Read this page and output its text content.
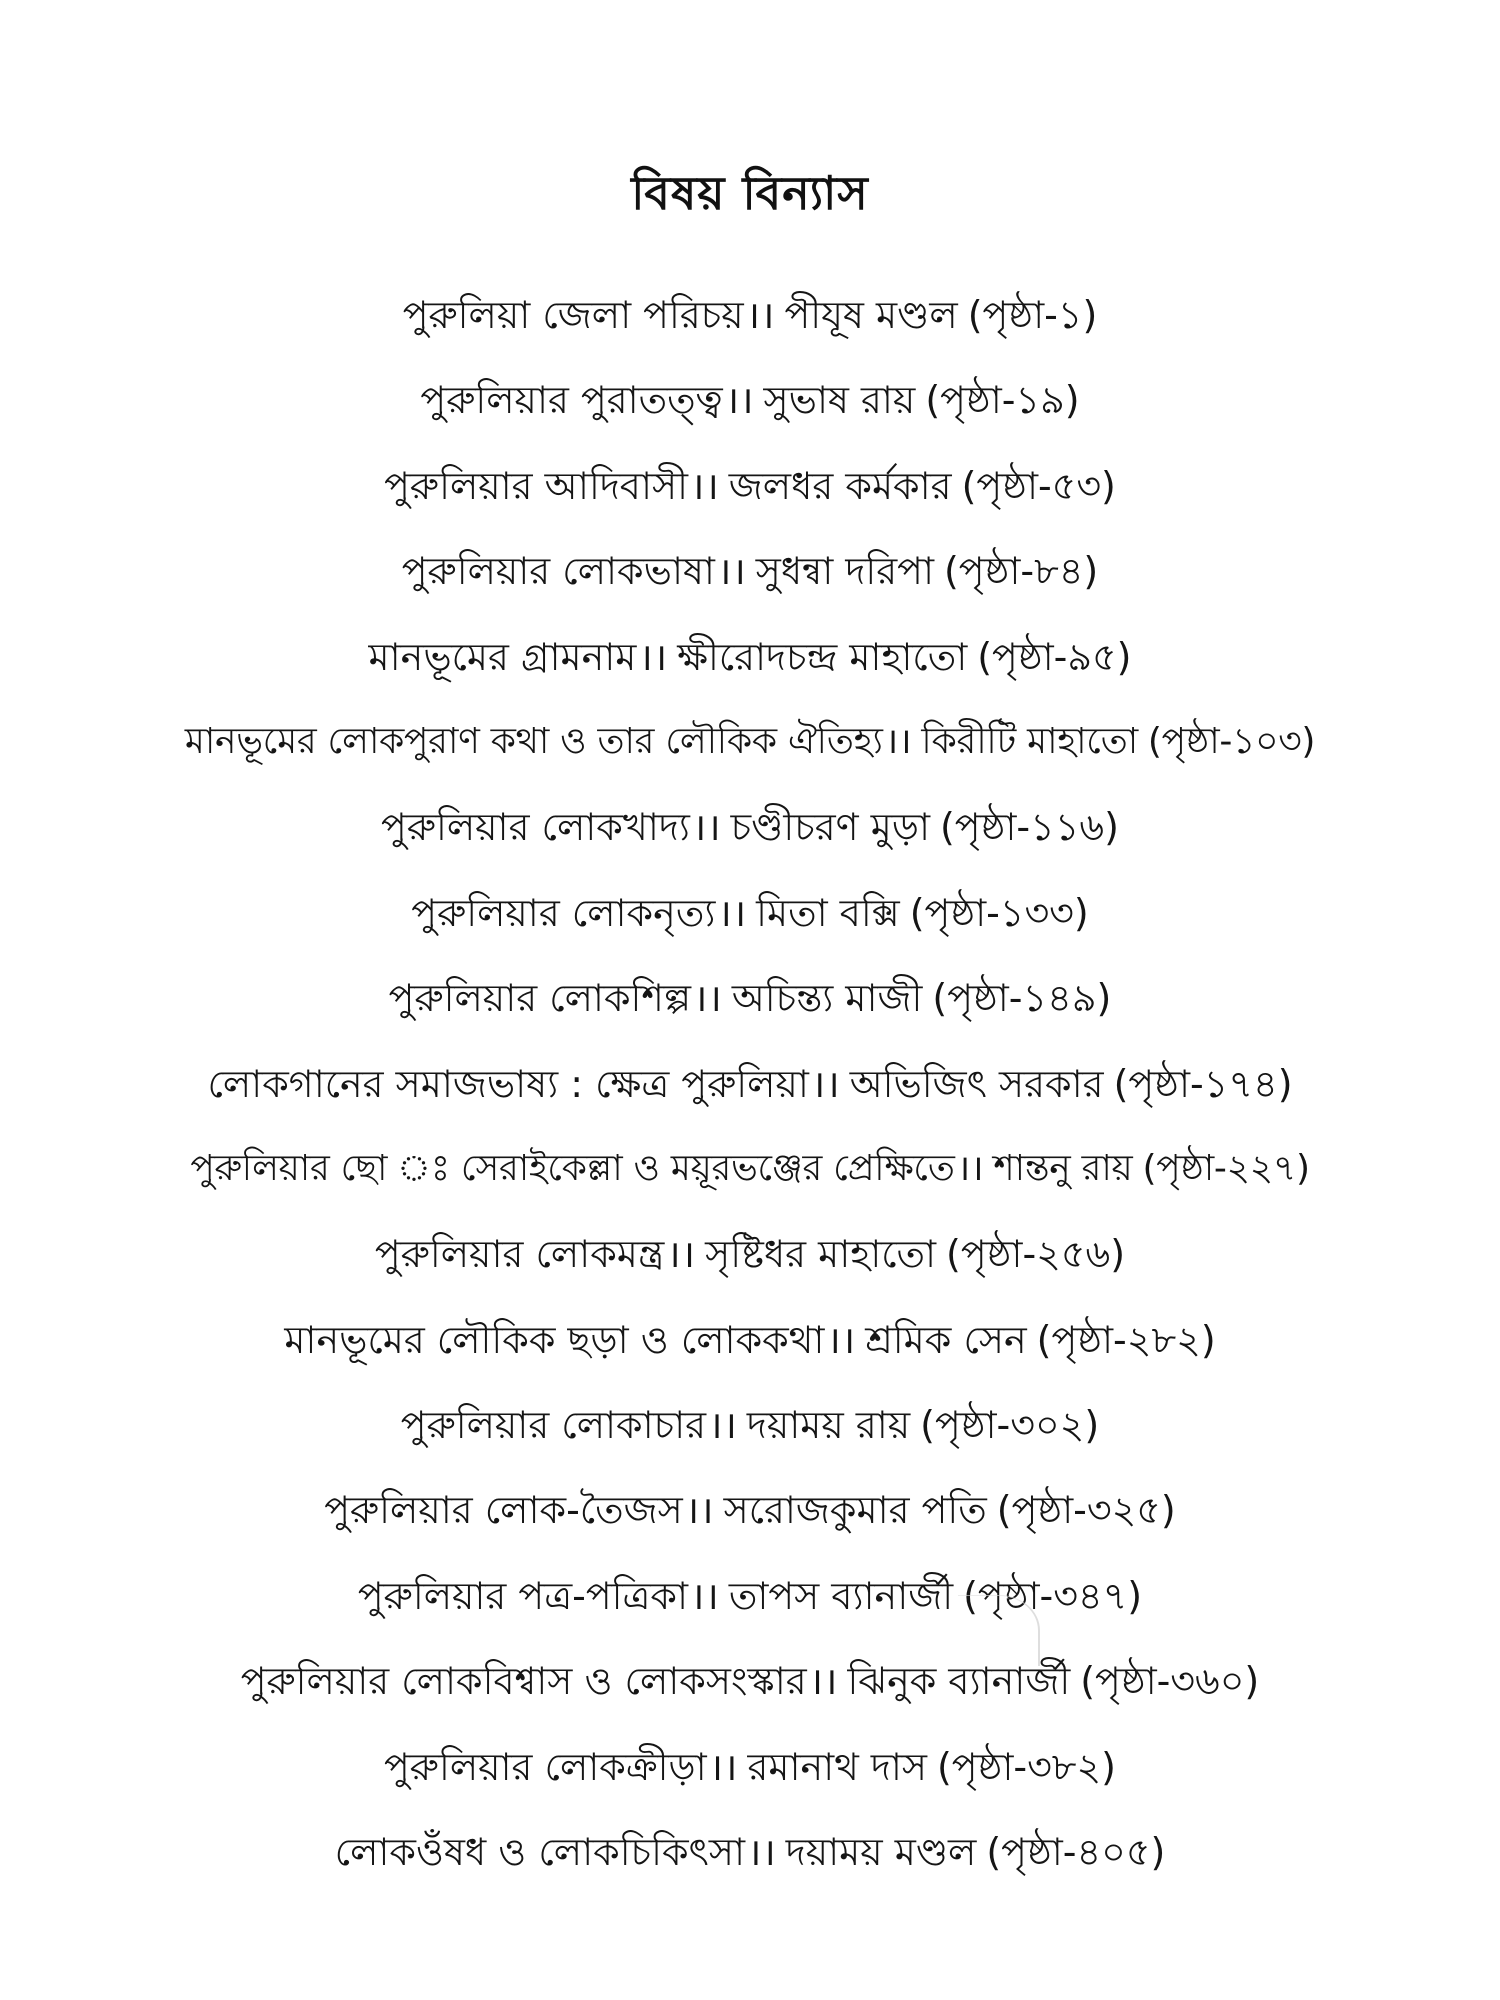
বিষয় বিন্যাস
পুরুলিয়া জেলা পরিচয়।। পীযূষ মণ্ডল (পৃষ্ঠা-১)
পুরুলিয়ার পুরাতত্ত্ব।। সুভাষ রায় (পৃষ্ঠা-১৯)
পুরুলিয়ার আদিবাসী।। জলধর কর্মকার (পৃষ্ঠা-৫৩)
পুরুলিয়ার লোকভাষা।। সুধন্বা দরিপা (পৃষ্ঠা-৮৪)
মানভূমের গ্রামনাম।। ক্ষীরোদচন্দ্র মাহাতো (পৃষ্ঠা-৯৫)
মানভূমের লোকপুরাণ কথা ও তার লৌকিক ঐতিহ্য।। কিরীটি মাহাতো (পৃষ্ঠা-১০৩)
পুরুলিয়ার লোকখাদ্য।। চণ্ডীচরণ মুড়া (পৃষ্ঠা-১১৬)
পুরুলিয়ার লোকনৃত্য।। মিতা বক্সি (পৃষ্ঠা-১৩৩)
পুরুলিয়ার লোকশিল্প।। অচিন্ত্য মাজী (পৃষ্ঠা-১৪৯)
লোকগানের সমাজভাষ্য : ক্ষেত্র পুরুলিয়া।। অভিজিৎ সরকার (পৃষ্ঠা-১৭৪)
পুরুলিয়ার ছো ঃ সেরাইকেল্লা ও ময়ূরভঞ্জের প্রেক্ষিতে।। শান্তনু রায় (পৃষ্ঠা-২২৭)
পুরুলিয়ার লোকমন্ত্র।। সৃষ্টিধর মাহাতো (পৃষ্ঠা-২৫৬)
মানভূমের লৌকিক ছড়া ও লোককথা।। শ্রমিক সেন (পৃষ্ঠা-২৮২)
পুরুলিয়ার লোকাচার।। দয়াময় রায় (পৃষ্ঠা-৩০২)
পুরুলিয়ার লোক-তৈজস।। সরোজকুমার পতি (পৃষ্ঠা-৩২৫)
পুরুলিয়ার পত্র-পত্রিকা।। তাপস ব্যানার্জী (পৃষ্ঠা-৩৪৭)
পুরুলিয়ার লোকবিশ্বাস ও লোকসংস্কার।। ঝিনুক ব্যানার্জী (পৃষ্ঠা-৩৬০)
পুরুলিয়ার লোকক্রীড়া।। রমানাথ দাস (পৃষ্ঠা-৩৮২)
লোকওঁষধ ও লোকচিকিৎসা।। দয়াময় মণ্ডল (পৃষ্ঠা-৪০৫)
